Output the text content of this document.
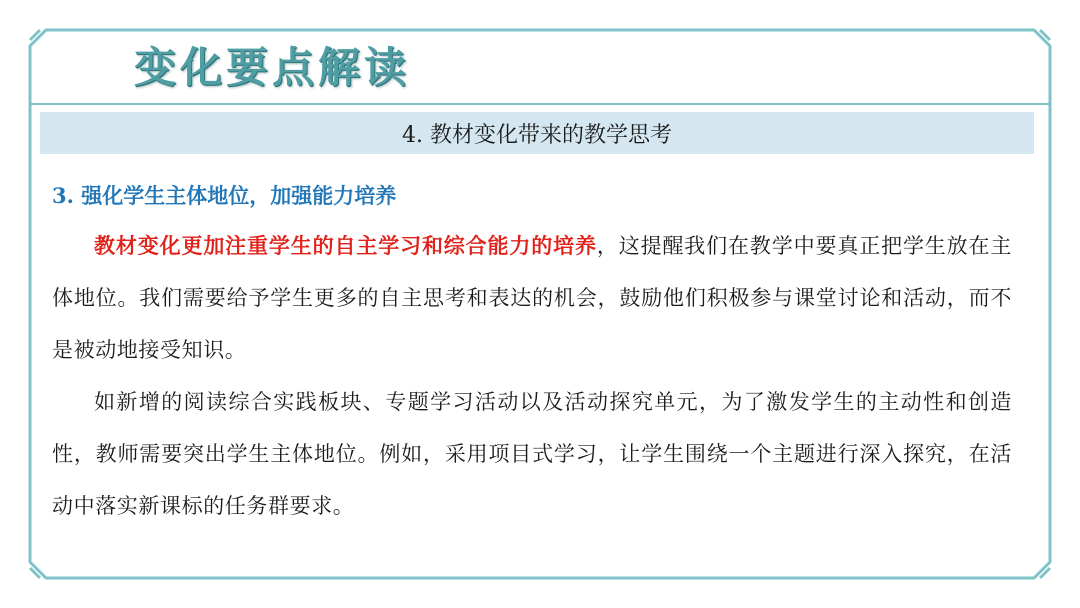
变化要点解读
4. 教材变化带来的教学思考

3. 强化学生主体地位，加强能力培养

教材变化更加注重学生的自主学习和综合能力的培养，这提醒我们在教学中要真正把学生放在主体地位。我们需要给予学生更多的自主思考和表达的机会，鼓励他们积极参与课堂讨论和活动，而不是被动地接受知识。

如新增的阅读综合实践板块、专题学习活动以及活动探究单元，为了激发学生的主动性和创造性，教师需要突出学生主体地位。例如，采用项目式学习，让学生围绕一个主题进行深入探究，在活动中落实新课标的任务群要求。
